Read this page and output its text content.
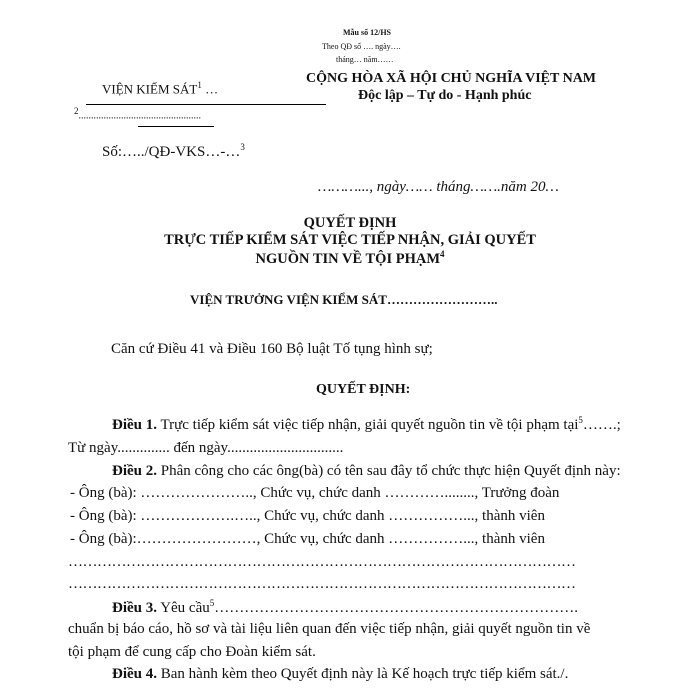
Mẫu số 12/HS
Theo QĐ số …. ngày….
tháng… năm……
VIỆN KIỂM SÁT$^1$ …
$^2$.................................................
Số:…../QĐ-VKS…-…$^3$
CỘNG HÒA XÃ HỘI CHỦ NGHĨA VIỆT NAM
Độc lập – Tự do - Hạnh phúc
………..., ngày…… tháng…….năm 20…
QUYẾT ĐỊNH
TRỰC TIẾP KIỂM SÁT VIỆC TIẾP NHẬN, GIẢI QUYẾT
NGUỒN TIN VỀ TỘI PHẠM$^4$
VIỆN TRƯỞNG VIỆN KIỂM SÁT……………………..
Căn cứ Điều 41 và Điều 160 Bộ luật Tố tụng hình sự;
QUYẾT ĐỊNH:
Điều 1. Trực tiếp kiểm sát việc tiếp nhận, giải quyết nguồn tin về tội phạm tại$^5$…….;
Từ ngày.............. đến ngày...............................
Điều 2. Phân công cho các ông(bà) có tên sau đây tổ chức thực hiện Quyết định này:
- Ông (bà): ………………….., Chức vụ, chức danh …………........, Trưởng đoàn
- Ông (bà): ……………….….., Chức vụ, chức danh ……………..., thành viên
- Ông (bà):……………………, Chức vụ, chức danh ……………..., thành viên
……………………………………………………………………………………………
……………………………………………………………………………………………
Điều 3. Yêu cầu$^5$……………………………………………………………….
chuẩn bị báo cáo, hồ sơ và tài liệu liên quan đến việc tiếp nhận, giải quyết nguồn tin về
tội phạm để cung cấp cho Đoàn kiểm sát.
Điều 4. Ban hành kèm theo Quyết định này là Kế hoạch trực tiếp kiểm sát./.
